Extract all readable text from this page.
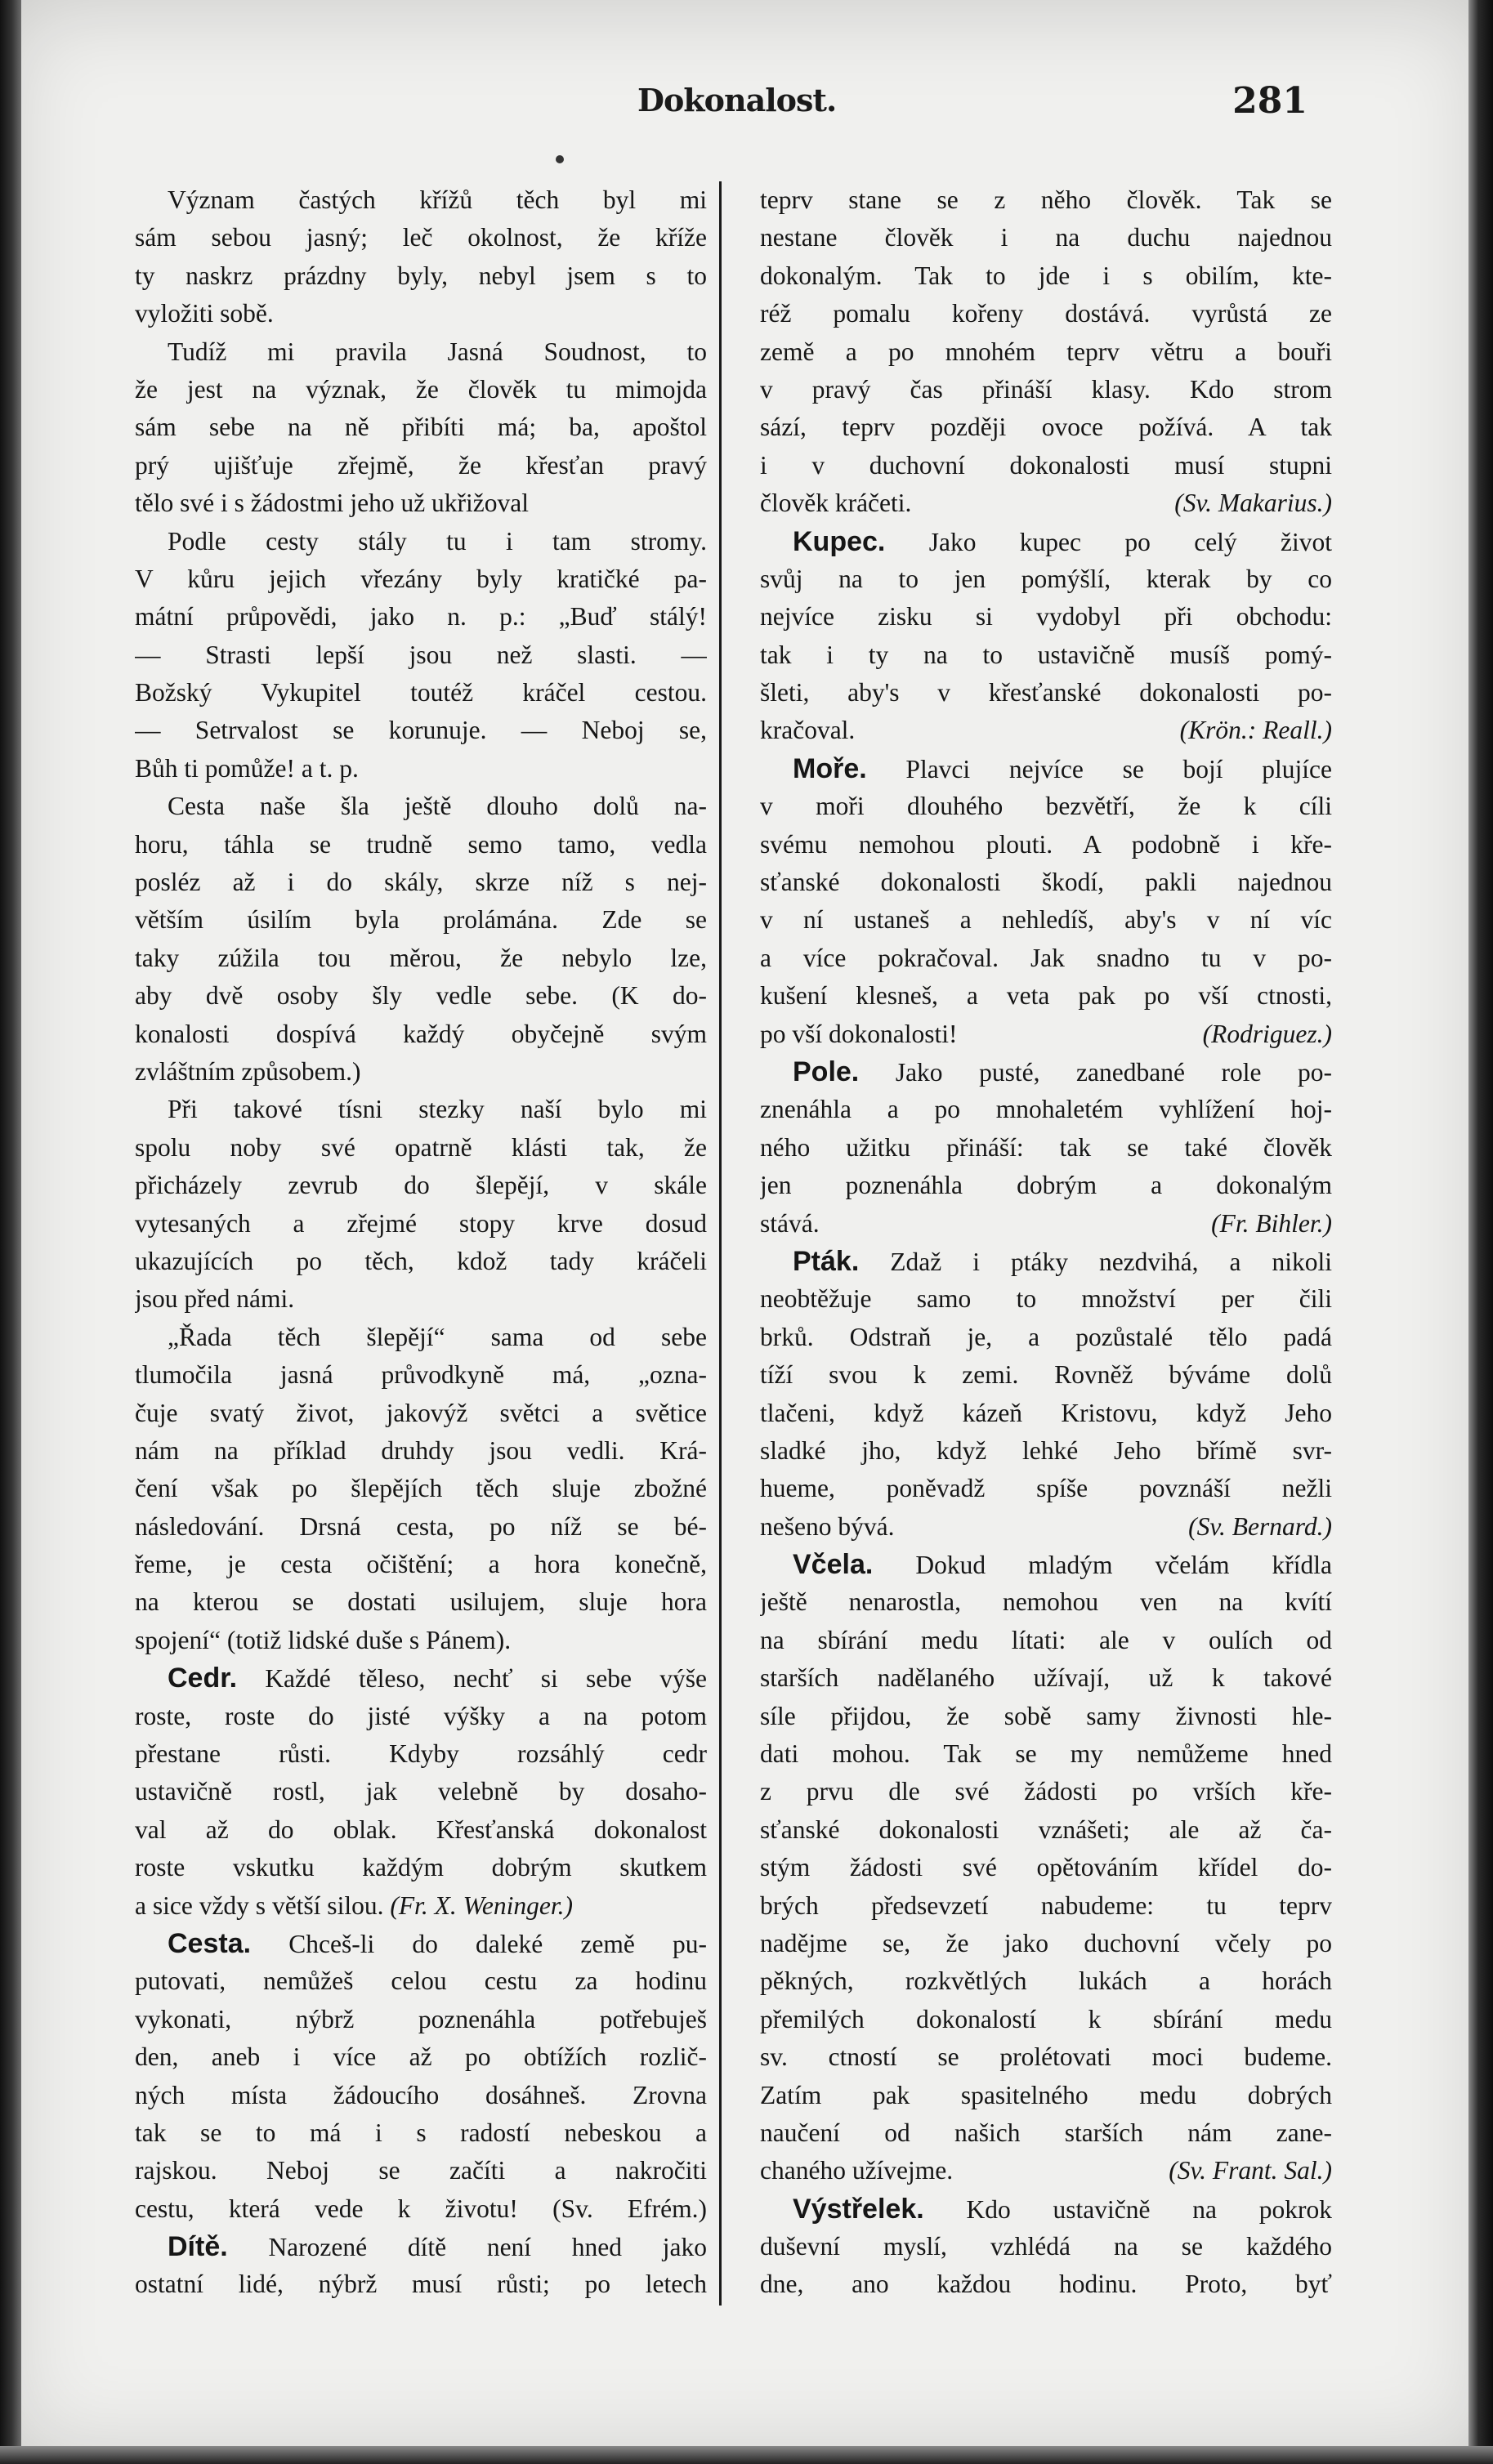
Dokonalost.	281
Význam častých křížů těch byl mi
sám sebou jasný; leč okolnost, že kříže
ty naskrz prázdny byly, nebyl jsem s to
vyložiti sobě.
Tudíž mi pravila Jasná Soudnost, to
že jest na význak, že člověk tu mimojda
sám sebe na ně přibíti má; ba, apoštol
prý ujišťuje zřejmě, že křesťan pravý
tělo své i s žádostmi jeho už ukřižoval
Podle cesty stály tu i tam stromy.
V kůru jejich vřezány byly kratičké pa-
mátní průpovědi, jako n. p.: „Buď stálý!
— Strasti lepší jsou než slasti. —
Božský Vykupitel toutéž kráčel cestou.
— Setrvalost se korunuje. — Neboj se,
Bůh ti pomůže! a t. p.
Cesta naše šla ještě dlouho dolů na-
horu, táhla se trudně semo tamo, vedla
posléz až i do skály, skrze níž s nej-
větším úsilím byla prolámána. Zde se
taky zúžila tou měrou, že nebylo lze,
aby dvě osoby šly vedle sebe. (K do-
konalosti dospívá každý obyčejně svým
zvláštním způsobem.)
Při takové tísni stezky naší bylo mi
spolu noby své opatrně klásti tak, že
přicházely zevrub do šlepějí, v skále
vytesaných a zřejmé stopy krve dosud
ukazujících po těch, kdož tady kráčeli
jsou před námi.
„Řada těch šlepějí“ sama od sebe
tlumočila jasná průvodkyně má, „ozna-
čuje svatý život, jakovýž světci a světice
nám na příklad druhdy jsou vedli. Krá-
čení však po šlepějích těch sluje zbožné
následování. Drsná cesta, po níž se bé-
řeme, je cesta očištění; a hora konečně,
na kterou se dostati usilujem, sluje hora
spojení“ (totiž lidské duše s Pánem).
Cedr. Každé těleso, nechť si sebe výše
roste, roste do jisté výšky a na potom
přestane růsti. Kdyby rozsáhlý cedr
ustavičně rostl, jak velebně by dosaho-
val až do oblak. Křesťanská dokonalost
roste vskutku každým dobrým skutkem
a sice vždy s větší silou. (Fr. X. Weninger.)
Cesta. Chceš-li do daleké země pu-
putovati, nemůžeš celou cestu za hodinu
vykonati, nýbrž poznenáhla potřebuješ
den, aneb i více až po obtížích rozlič-
ných místa žádoucího dosáhneš. Zrovna
tak se to má i s radostí nebeskou a
rajskou. Neboj se začíti a nakročiti
cestu, která vede k životu! (Sv. Efrém.)
Dítě. Narozené dítě není hned jako
ostatní lidé, nýbrž musí růsti; po letech
teprv stane se z něho člověk. Tak se
nestane člověk i na duchu najednou
dokonalým. Tak to jde i s obilím, kte-
réž pomalu kořeny dostává. vyrůstá ze
země a po mnohém teprv větru a bouři
v pravý čas přináší klasy. Kdo strom
sází, teprv později ovoce požívá. A tak
i v duchovní dokonalosti musí stupni
člověk kráčeti.	(Sv. Makarius.)
Kupec. Jako kupec po celý život
svůj na to jen pomýšlí, kterak by co
nejvíce zisku si vydobyl při obchodu:
tak i ty na to ustavičně musíš pomý-
šleti, aby's v křesťanské dokonalosti po-
kračoval.	(Krön.: Reall.)
Moře. Plavci nejvíce se bojí plujíce
v moři dlouhého bezvětří, že k cíli
svému nemohou plouti. A podobně i kře-
sťanské dokonalosti škodí, pakli najednou
v ní ustaneš a nehledíš, aby's v ní víc
a více pokračoval. Jak snadno tu v po-
kušení klesneš, a veta pak po vší ctnosti,
po vší dokonalosti!	(Rodriguez.)
Pole. Jako pusté, zanedbané role po-
znenáhla a po mnohaletém vyhlížení hoj-
ného užitku přináší: tak se také člověk
jen poznenáhla dobrým a dokonalým
stává.	(Fr. Bihler.)
Pták. Zdaž i ptáky nezdvihá, a nikoli
neobtěžuje samo to množství per čili
brků. Odstraň je, a pozůstalé tělo padá
tíží svou k zemi. Rovněž býváme dolů
tlačeni, když kázeň Kristovu, když Jeho
sladké jho, když lehké Jeho břímě svr-
hueme, poněvadž spíše povznáší nežli
nešeno bývá.	(Sv. Bernard.)
Včela. Dokud mladým včelám křídla
ještě nenarostla, nemohou ven na kvítí
na sbírání medu lítati: ale v oulích od
starších nadělaného užívají, už k takové
síle přijdou, že sobě samy živnosti hle-
dati mohou. Tak se my nemůžeme hned
z prvu dle své žádosti po vrších kře-
sťanské dokonalosti vznášeti; ale až ča-
stým žádosti své opětováním křídel do-
brých předsevzetí nabudeme: tu teprv
nadějme se, že jako duchovní včely po
pěkných, rozkvětlých lukách a horách
přemilých dokonalostí k sbírání medu
sv. ctností se prolétovati moci budeme.
Zatím pak spasitelného medu dobrých
naučení od našich starších nám zane-
chaného užívejme.	(Sv. Frant. Sal.)
Výstřelek. Kdo ustavičně na pokrok
duševní myslí, vzhlédá na se každého
dne, ano každou hodinu. Proto, byť
